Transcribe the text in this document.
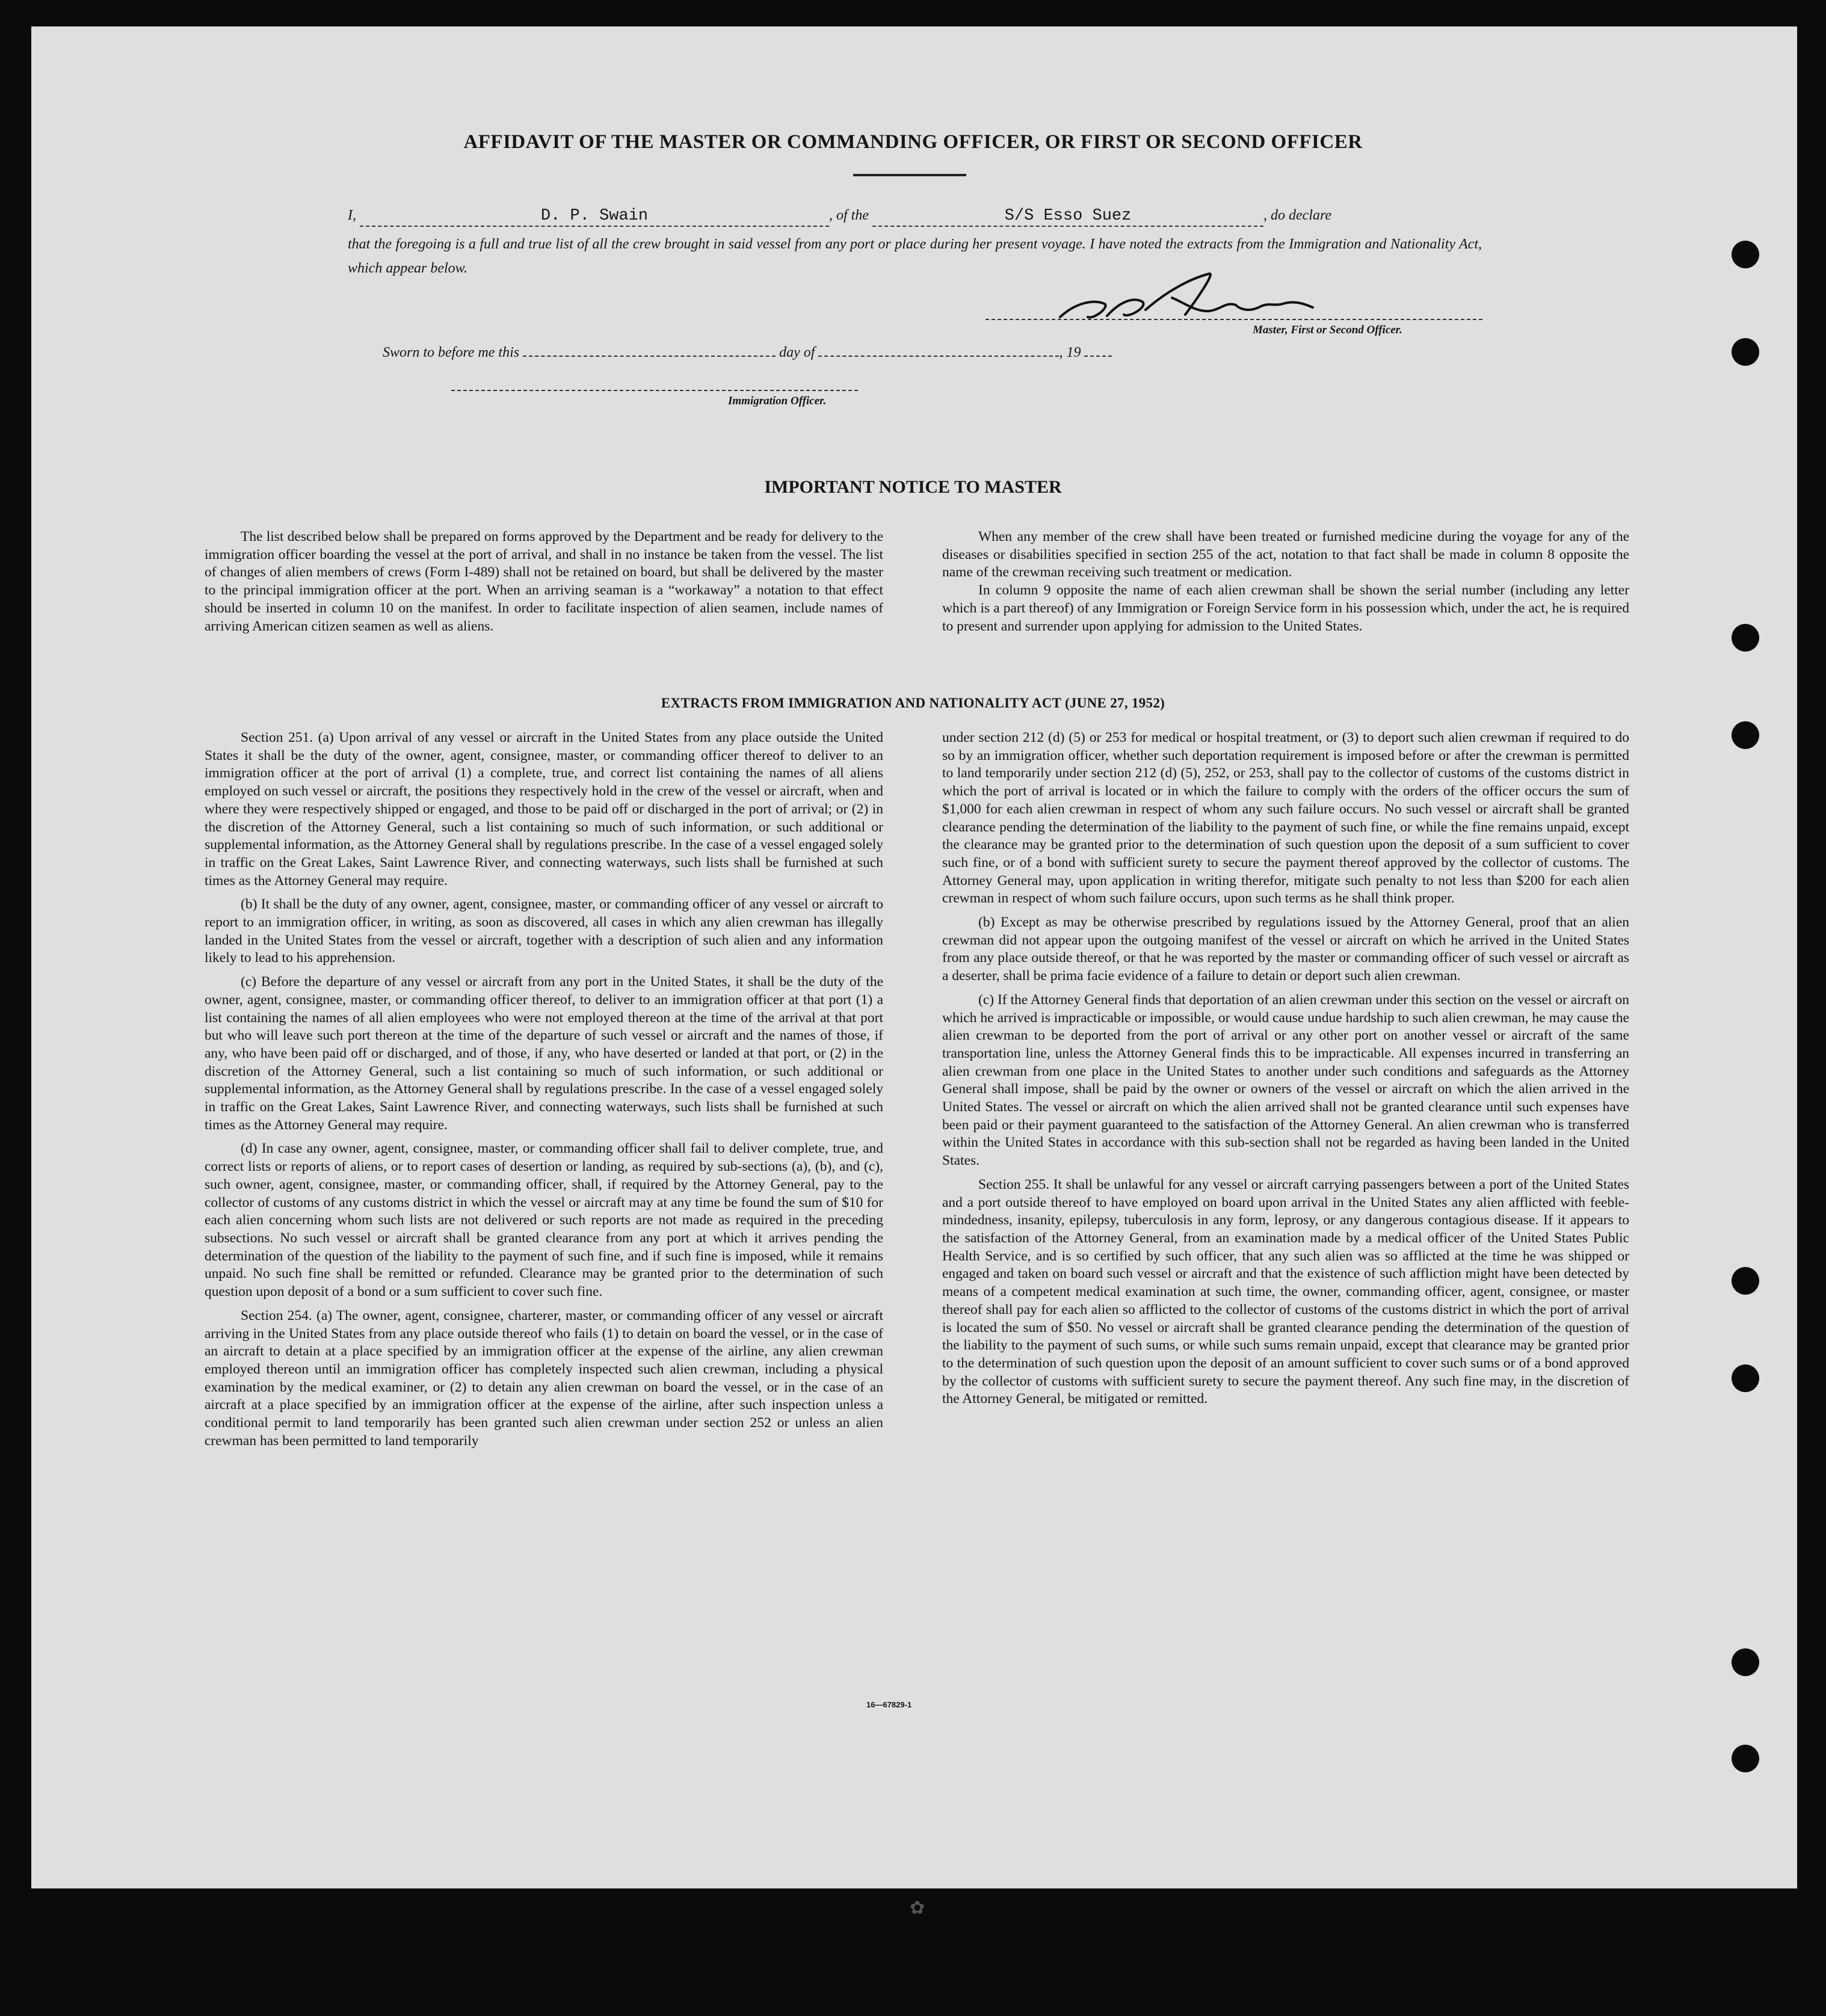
AFFIDAVIT OF THE MASTER OR COMMANDING OFFICER, OR FIRST OR SECOND OFFICER
I,	D. P. Swain	, of the	S/S Esso Suez	, do declare
that the foregoing is a full and true list of all the crew brought in said vessel from any port or place during her present voyage. I have noted the extracts from the Immigration and Nationality Act, which appear below.
Master, First or Second Officer.
Sworn to before me this	day of	, 19
Immigration Officer.
IMPORTANT NOTICE TO MASTER

The list described below shall be prepared on forms approved by the Department and be ready for delivery to the immigration officer boarding the vessel at the port of arrival, and shall in no instance be taken from the vessel. The list of changes of alien members of crews (Form I-489) shall not be retained on board, but shall be delivered by the master to the principal immigration officer at the port. When an arriving seaman is a “workaway” a notation to that effect should be inserted in column 10 on the manifest. In order to facilitate inspection of alien seamen, include names of arriving American citizen seamen as well as aliens.

When any member of the crew shall have been treated or furnished medicine during the voyage for any of the diseases or disabilities specified in section 255 of the act, notation to that fact shall be made in column 8 opposite the name of the crewman receiving such treatment or medication.

In column 9 opposite the name of each alien crewman shall be shown the serial number (including any letter which is a part thereof) of any Immigration or Foreign Service form in his possession which, under the act, he is required to present and surrender upon applying for admission to the United States.

EXTRACTS FROM IMMIGRATION AND NATIONALITY ACT (JUNE 27, 1952)

Section 251. (a) Upon arrival of any vessel or aircraft in the United States from any place outside the United States it shall be the duty of the owner, agent, consignee, master, or commanding officer thereof to deliver to an immigration officer at the port of arrival (1) a complete, true, and correct list containing the names of all aliens employed on such vessel or aircraft, the positions they respectively hold in the crew of the vessel or aircraft, when and where they were respectively shipped or engaged, and those to be paid off or discharged in the port of arrival; or (2) in the discretion of the Attorney General, such a list containing so much of such information, or such additional or supplemental information, as the Attorney General shall by regulations prescribe. In the case of a vessel engaged solely in traffic on the Great Lakes, Saint Lawrence River, and connecting waterways, such lists shall be furnished at such times as the Attorney General may require.

(b) It shall be the duty of any owner, agent, consignee, master, or commanding officer of any vessel or aircraft to report to an immigration officer, in writing, as soon as discovered, all cases in which any alien crewman has illegally landed in the United States from the vessel or aircraft, together with a description of such alien and any information likely to lead to his apprehension.

(c) Before the departure of any vessel or aircraft from any port in the United States, it shall be the duty of the owner, agent, consignee, master, or commanding officer thereof, to deliver to an immigration officer at that port (1) a list containing the names of all alien employees who were not employed thereon at the time of the arrival at that port but who will leave such port thereon at the time of the departure of such vessel or aircraft and the names of those, if any, who have been paid off or discharged, and of those, if any, who have deserted or landed at that port, or (2) in the discretion of the Attorney General, such a list containing so much of such information, or such additional or supplemental information, as the Attorney General shall by regulations prescribe. In the case of a vessel engaged solely in traffic on the Great Lakes, Saint Lawrence River, and connecting waterways, such lists shall be furnished at such times as the Attorney General may require.

(d) In case any owner, agent, consignee, master, or commanding officer shall fail to deliver complete, true, and correct lists or reports of aliens, or to report cases of desertion or landing, as required by sub-sections (a), (b), and (c), such owner, agent, consignee, master, or commanding officer, shall, if required by the Attorney General, pay to the collector of customs of any customs district in which the vessel or aircraft may at any time be found the sum of $10 for each alien concerning whom such lists are not delivered or such reports are not made as required in the preceding subsections. No such vessel or aircraft shall be granted clearance from any port at which it arrives pending the determination of the question of the liability to the payment of such fine, and if such fine is imposed, while it remains unpaid. No such fine shall be remitted or refunded. Clearance may be granted prior to the determination of such question upon deposit of a bond or a sum sufficient to cover such fine.

Section 254. (a) The owner, agent, consignee, charterer, master, or commanding officer of any vessel or aircraft arriving in the United States from any place outside thereof who fails (1) to detain on board the vessel, or in the case of an aircraft to detain at a place specified by an immigration officer at the expense of the airline, any alien crewman employed thereon until an immigration officer has completely inspected such alien crewman, including a physical examination by the medical examiner, or (2) to detain any alien crewman on board the vessel, or in the case of an aircraft at a place specified by an immigration officer at the expense of the airline, after such inspection unless a conditional permit to land temporarily has been granted such alien crewman under section 252 or unless an alien crewman has been permitted to land temporarily

under section 212 (d) (5) or 253 for medical or hospital treatment, or (3) to deport such alien crewman if required to do so by an immigration officer, whether such deportation requirement is imposed before or after the crewman is permitted to land temporarily under section 212 (d) (5), 252, or 253, shall pay to the collector of customs of the customs district in which the port of arrival is located or in which the failure to comply with the orders of the officer occurs the sum of $1,000 for each alien crewman in respect of whom any such failure occurs. No such vessel or aircraft shall be granted clearance pending the determination of the liability to the payment of such fine, or while the fine remains unpaid, except the clearance may be granted prior to the determination of such question upon the deposit of a sum sufficient to cover such fine, or of a bond with sufficient surety to secure the payment thereof approved by the collector of customs. The Attorney General may, upon application in writing therefor, mitigate such penalty to not less than $200 for each alien crewman in respect of whom such failure occurs, upon such terms as he shall think proper.

(b) Except as may be otherwise prescribed by regulations issued by the Attorney General, proof that an alien crewman did not appear upon the outgoing manifest of the vessel or aircraft on which he arrived in the United States from any place outside thereof, or that he was reported by the master or commanding officer of such vessel or aircraft as a deserter, shall be prima facie evidence of a failure to detain or deport such alien crewman.

(c) If the Attorney General finds that deportation of an alien crewman under this section on the vessel or aircraft on which he arrived is impracticable or impossible, or would cause undue hardship to such alien crewman, he may cause the alien crewman to be deported from the port of arrival or any other port on another vessel or aircraft of the same transportation line, unless the Attorney General finds this to be impracticable. All expenses incurred in transferring an alien crewman from one place in the United States to another under such conditions and safeguards as the Attorney General shall impose, shall be paid by the owner or owners of the vessel or aircraft on which the alien arrived in the United States. The vessel or aircraft on which the alien arrived shall not be granted clearance until such expenses have been paid or their payment guaranteed to the satisfaction of the Attorney General. An alien crewman who is transferred within the United States in accordance with this sub-section shall not be regarded as having been landed in the United States.

Section 255. It shall be unlawful for any vessel or aircraft carrying passengers between a port of the United States and a port outside thereof to have employed on board upon arrival in the United States any alien afflicted with feeble-mindedness, insanity, epilepsy, tuberculosis in any form, leprosy, or any dangerous contagious disease. If it appears to the satisfaction of the Attorney General, from an examination made by a medical officer of the United States Public Health Service, and is so certified by such officer, that any such alien was so afflicted at the time he was shipped or engaged and taken on board such vessel or aircraft and that the existence of such affliction might have been detected by means of a competent medical examination at such time, the owner, commanding officer, agent, consignee, or master thereof shall pay for each alien so afflicted to the collector of customs of the customs district in which the port of arrival is located the sum of $50. No vessel or aircraft shall be granted clearance pending the determination of the question of the liability to the payment of such sums, or while such sums remain unpaid, except that clearance may be granted prior to the determination of such question upon the deposit of an amount sufficient to cover such sums or of a bond approved by the collector of customs with sufficient surety to secure the payment thereof. Any such fine may, in the discretion of the Attorney General, be mitigated or remitted.

16—67829-1
✿
